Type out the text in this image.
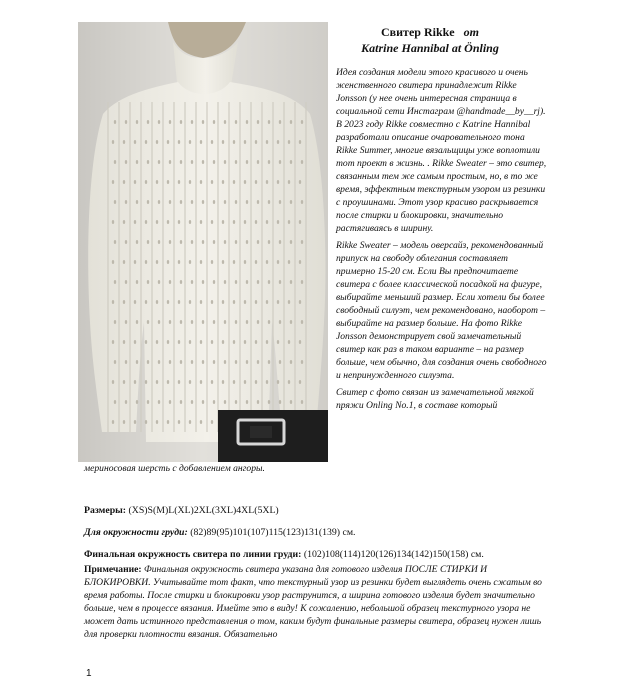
Свитер Rikke от
Katrine Hannibal at Önling

Идея создания модели этого красивого и очень женственного свитера принадлежит Rikke Jonsson (у нее очень интересная страница в социальной сети Инстаграм @handmade__by__rj). В 2023 году Rikke совместно с Katrine Hannibal разработали описание очаровательного тона Rikke Summer, многие вязальщицы уже воплотили тот проект в жизнь. . Rikke Sweater – это свитер, связанным тем же самым простым, но, в то же время, эффектным текстурным узором из резинки с проушинами. Этот узор красиво раскрывается после стирки и блокировки, значительно растягиваясь в ширину.

Rikke Sweater – модель оверсайз, рекомендованный припуск на свободу облегания составляет примерно 15-20 см. Если Вы предпочитаете свитера с более классической посадкой на фигуре, выбирайте меньший размер. Если хотели бы более свободный силуэт, чем рекомендовано, наоборот – выбирайте на размер больше. На фото Rikke Jonsson демонстрирует свой замечательный свитер как раз в таком варианте – на размер больше, чем обычно, для создания очень свободного и непринужденного силуэта.

Свитер с фото связан из замечательной мягкой пряжи Onling No.1, в составе который

мериносовая шерсть с добавлением ангоры.
Размеры: (XS)S(M)L(XL)2XL(3XL)4XL(5XL)
Для окружности груди: (82)89(95)101(107)115(123)131(139) см.
Финальная окружность свитера по линии груди: (102)108(114)120(126)134(142)150(158) см.
Примечание: Финальная окружность свитера указана для готового изделия ПОСЛЕ СТИРКИ И БЛОКИРОВКИ. Учитывайте тот факт, что текстурный узор из резинки будет выглядеть очень сжатым во время работы. После стирки и блокировки узор раструнится, а ширина готового изделия будет значительно больше, чем в процессе вязания. Имейте это в виду! К сожалению, небольшой образец текстурного узора не может дать истинного представления о том, каким будут финальные размеры свитера, образец нужен лишь для проверки плотности вязания. Обязательно
1
